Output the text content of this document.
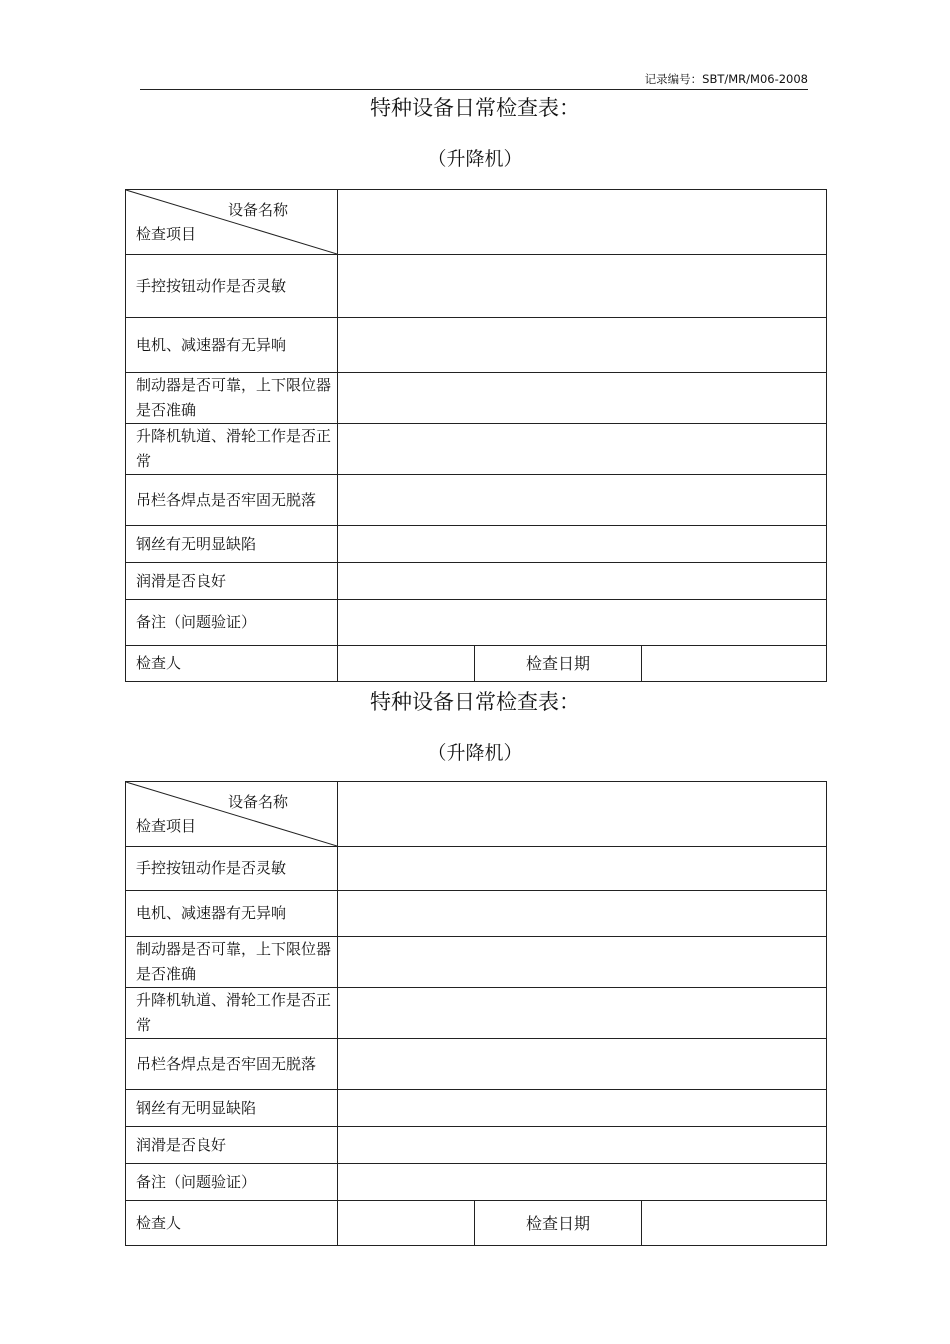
记录编号：SBT/MR/M06-2008
特种设备日常检查表：
（升降机）
设备名称
检查项目			

手控按钮动作是否灵敏			
电机、减速器有无异响			
制动器是否可靠，上下限位器是否准确			
升降机轨道、滑轮工作是否正常			
吊栏各焊点是否牢固无脱落			
钢丝有无明显缺陷			
润滑是否良好			
备注（问题验证）			
检查人		检查日期	
特种设备日常检查表：
（升降机）
设备名称
检查项目			

手控按钮动作是否灵敏			
电机、减速器有无异响			
制动器是否可靠，上下限位器是否准确			
升降机轨道、滑轮工作是否正常			
吊栏各焊点是否牢固无脱落			
钢丝有无明显缺陷			
润滑是否良好			
备注（问题验证）			
检查人		检查日期	
